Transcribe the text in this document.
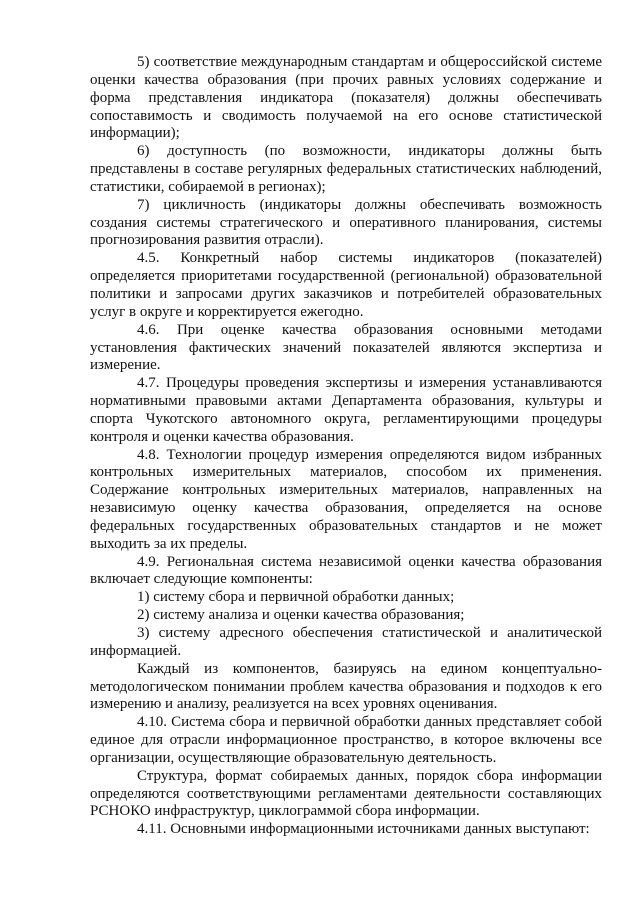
5) соответствие международным стандартам и общероссийской системе оценки качества образования (при прочих равных условиях содержание и форма представления индикатора (показателя) должны обеспечивать сопоставимость и сводимость получаемой на его основе статистической информации);

6) доступность (по возможности, индикаторы должны быть представлены в составе регулярных федеральных статистических наблюдений, статистики, собираемой в регионах);

7) цикличность (индикаторы должны обеспечивать возможность создания системы стратегического и оперативного планирования, системы прогнозирования развития отрасли).

4.5. Конкретный набор системы индикаторов (показателей) определяется приоритетами государственной (региональной) образовательной политики и запросами других заказчиков и потребителей образовательных услуг в округе и корректируется ежегодно.

4.6. При оценке качества образования основными методами установления фактических значений показателей являются экспертиза и измерение.

4.7. Процедуры проведения экспертизы и измерения устанавливаются нормативными правовыми актами Департамента образования, культуры и спорта Чукотского автономного округа, регламентирующими процедуры контроля и оценки качества образования.

4.8. Технологии процедур измерения определяются видом избранных контрольных измерительных материалов, способом их применения. Содержание контрольных измерительных материалов, направленных на независимую оценку качества образования, определяется на основе федеральных государственных образовательных стандартов и не может выходить за их пределы.

4.9. Региональная система независимой оценки качества образования включает следующие компоненты:

1) систему сбора и первичной обработки данных;

2) систему анализа и оценки качества образования;

3) систему адресного обеспечения статистической и аналитической информацией.

Каждый из компонентов, базируясь на едином концептуально-методологическом понимании проблем качества образования и подходов к его измерению и анализу, реализуется на всех уровнях оценивания.

4.10. Система сбора и первичной обработки данных представляет собой единое для отрасли информационное пространство, в которое включены все организации, осуществляющие образовательную деятельность.

Структура, формат собираемых данных, порядок сбора информации определяются соответствующими регламентами деятельности составляющих РСНОКО инфраструктур, циклограммой сбора информации.

4.11. Основными информационными источниками данных выступают:
